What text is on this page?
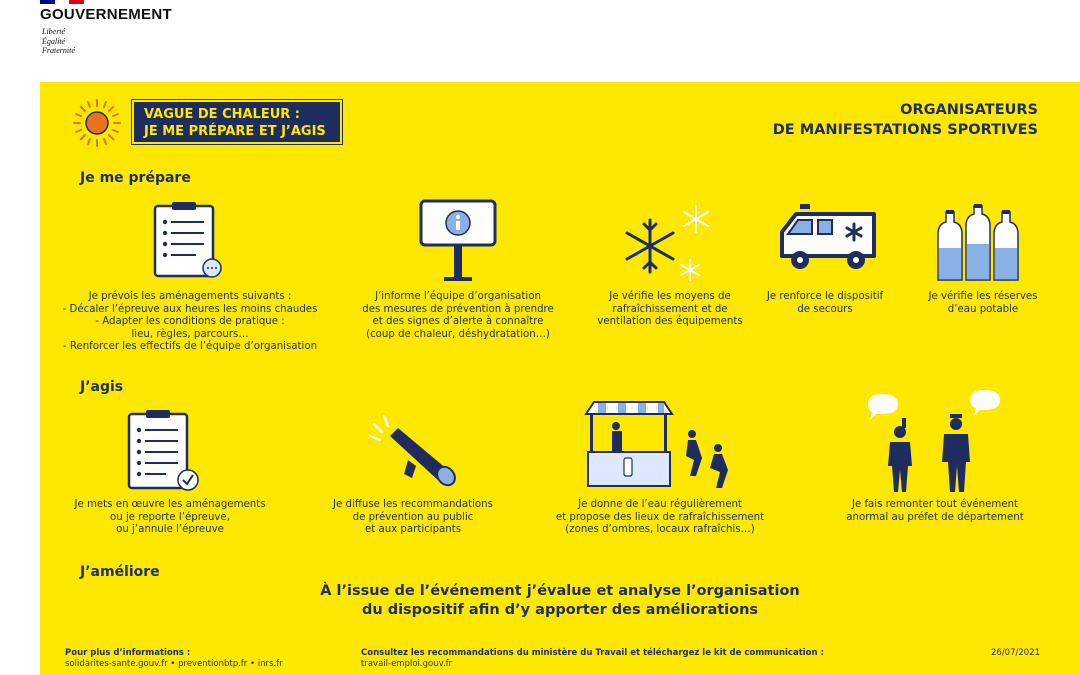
GOUVERNEMENT
Liberté
Égalité
Fraternité
VAGUE DE CHALEUR :
JE ME PRÉPARE ET J’AGIS
ORGANISATEURS
DE MANIFESTATIONS SPORTIVES
Je me prépare
Je prévois les aménagements suivants :
- Décaler l’épreuve aux heures les moins chaudes
- Adapter les conditions de pratique :
lieu, règles, parcours…
- Renforcer les effectifs de l’équipe d’organisation
J’informe l’équipe d’organisation
des mesures de prévention à prendre
et des signes d’alerte à connaître
(coup de chaleur, déshydratation…)
Je vérifie les moyens de
rafraîchissement et de
ventilation des équipements
Je renforce le dispositif
de secours
Je vérifie les réserves
d’eau potable
J’agis
Je mets en œuvre les aménagements
ou je reporte l’épreuve,
ou j’annule l’épreuve
Je diffuse les recommandations
de prévention au public
et aux participants
Je donne de l’eau régulièrement
et propose des lieux de rafraîchissement
(zones d’ombres, locaux rafraîchis…)
Je fais remonter tout événement
anormal au préfet de département
J’améliore
À l’issue de l’événement j’évalue et analyse l’organisation
du dispositif afin d’y apporter des améliorations
Pour plus d’informations :
solidarites-sante.gouv.fr • preventionbtp.fr • inrs.fr
Consultez les recommandations du ministère du Travail et téléchargez le kit de communication :
travail-emploi.gouv.fr
26/07/2021
